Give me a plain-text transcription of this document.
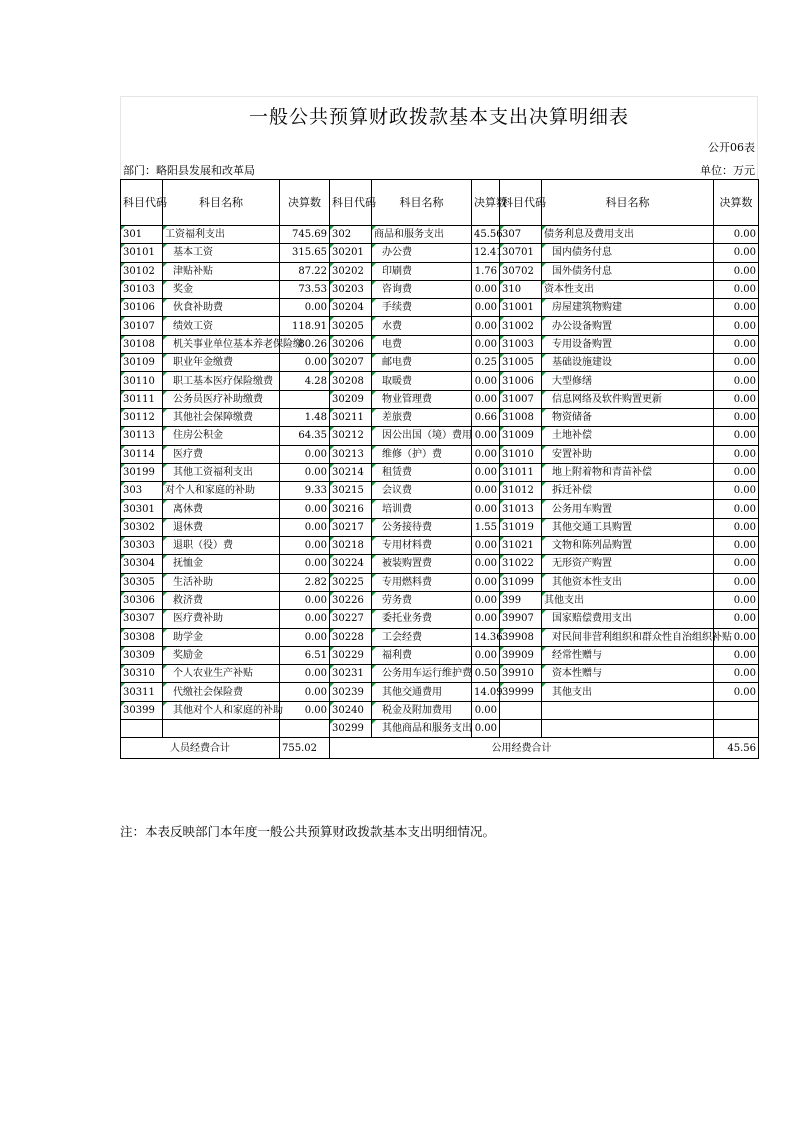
一般公共预算财政拨款基本支出决算明细表
公开06表
部门：略阳县发展和改革局	单位：万元
科目代码	科目名称	决算数	科目代码	科目名称	决算数	科目代码	科目名称	决算数
301	工资福利支出	745.69	302	商品和服务支出	45.56	307	债务利息及费用支出	0.00
30101	基本工资	315.65	30201	办公费	12.41	30701	国内债务付息	0.00
30102	津贴补贴	87.22	30202	印刷费	1.76	30702	国外债务付息	0.00
30103	奖金	73.53	30203	咨询费	0.00	310	资本性支出	0.00
30106	伙食补助费	0.00	30204	手续费	0.00	31001	房屋建筑物购建	0.00
30107	绩效工资	118.91	30205	水费	0.00	31002	办公设备购置	0.00
30108	机关事业单位基本养老保险缴	80.26	30206	电费	0.00	31003	专用设备购置	0.00
30109	职业年金缴费	0.00	30207	邮电费	0.25	31005	基础设施建设	0.00
30110	职工基本医疗保险缴费	4.28	30208	取暖费	0.00	31006	大型修缮	0.00
30111	公务员医疗补助缴费		30209	物业管理费	0.00	31007	信息网络及软件购置更新	0.00
30112	其他社会保障缴费	1.48	30211	差旅费	0.66	31008	物资储备	0.00
30113	住房公积金	64.35	30212	因公出国（境）费用	0.00	31009	土地补偿	0.00
30114	医疗费	0.00	30213	维修（护）费	0.00	31010	安置补助	0.00
30199	其他工资福利支出	0.00	30214	租赁费	0.00	31011	地上附着物和青苗补偿	0.00
303	对个人和家庭的补助	9.33	30215	会议费	0.00	31012	拆迁补偿	0.00
30301	离休费	0.00	30216	培训费	0.00	31013	公务用车购置	0.00
30302	退休费	0.00	30217	公务接待费	1.55	31019	其他交通工具购置	0.00
30303	退职（役）费	0.00	30218	专用材料费	0.00	31021	文物和陈列品购置	0.00
30304	抚恤金	0.00	30224	被装购置费	0.00	31022	无形资产购置	0.00
30305	生活补助	2.82	30225	专用燃料费	0.00	31099	其他资本性支出	0.00
30306	救济费	0.00	30226	劳务费	0.00	399	其他支出	0.00
30307	医疗费补助	0.00	30227	委托业务费	0.00	39907	国家赔偿费用支出	0.00
30308	助学金	0.00	30228	工会经费	14.36	39908	对民间非营利组织和群众性自治组织补贴	0.00
30309	奖励金	6.51	30229	福利费	0.00	39909	经常性赠与	0.00
30310	个人农业生产补贴	0.00	30231	公务用车运行维护费	0.50	39910	资本性赠与	0.00
30311	代缴社会保险费	0.00	30239	其他交通费用	14.09	39999	其他支出	0.00
30399	其他对个人和家庭的补助	0.00	30240	税金及附加费用	0.00			
			30299	其他商品和服务支出	0.00			
人员经费合计		755.02	公用经费合计					45.56
注：本表反映部门本年度一般公共预算财政拨款基本支出明细情况。
